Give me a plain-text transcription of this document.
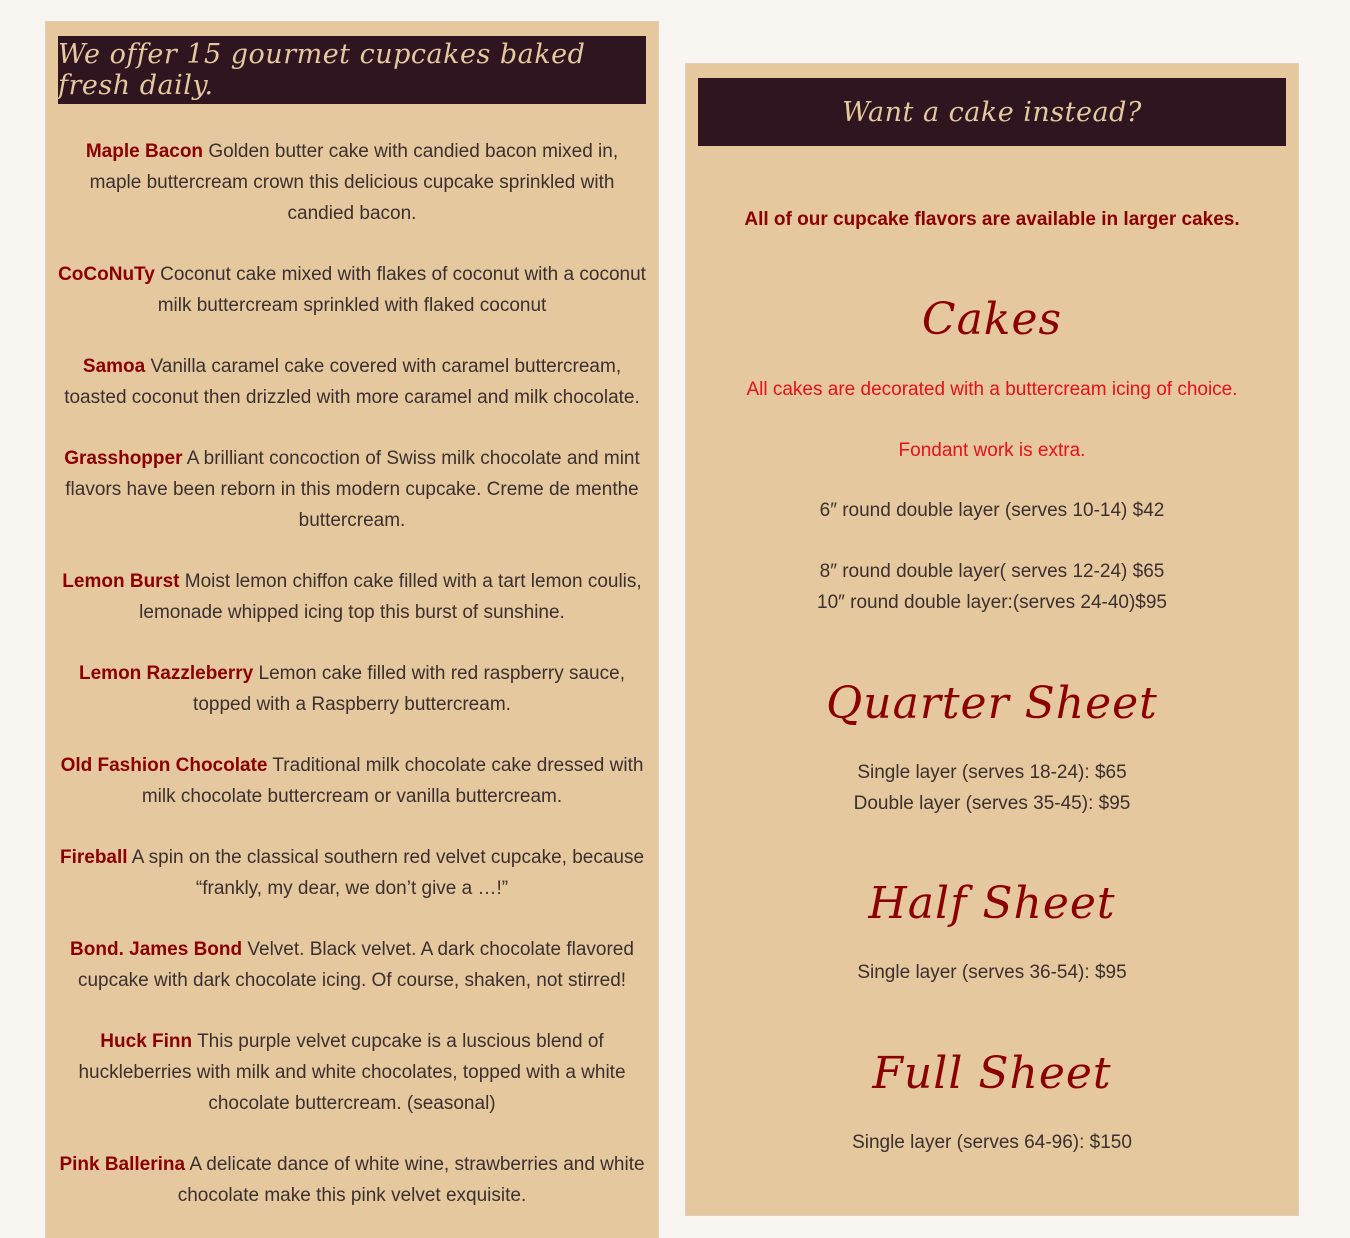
We offer 15 gourmet cupcakes baked fresh daily.

Maple Bacon Golden butter cake with candied bacon mixed in, maple buttercream crown this delicious cupcake sprinkled with candied bacon.

CoCoNuTy Coconut cake mixed with flakes of coconut with a coconut milk buttercream sprinkled with flaked coconut

Samoa Vanilla caramel cake covered with caramel buttercream, toasted coconut then drizzled with more caramel and milk chocolate.

Grasshopper A brilliant concoction of Swiss milk chocolate and mint flavors have been reborn in this modern cupcake. Creme de menthe buttercream.

Lemon Burst Moist lemon chiffon cake filled with a tart lemon coulis, lemonade whipped icing top this burst of sunshine.

Lemon Razzleberry Lemon cake filled with red raspberry sauce, topped with a Raspberry buttercream.

Old Fashion Chocolate Traditional milk chocolate cake dressed with milk chocolate buttercream or vanilla buttercream.

Fireball A spin on the classical southern red velvet cupcake, because “frankly, my dear, we don’t give a …!”

Bond. James Bond Velvet. Black velvet. A dark chocolate flavored cupcake with dark chocolate icing. Of course, shaken, not stirred!

Huck Finn This purple velvet cupcake is a luscious blend of huckleberries with milk and white chocolates, topped with a white chocolate buttercream. (seasonal)

Pink Ballerina A delicate dance of white wine, strawberries and white chocolate make this pink velvet exquisite.

Want a cake instead?
All of our cupcake flavors are available in larger cakes.
Cakes
All cakes are decorated with a buttercream icing of choice.
Fondant work is extra.
6″ round double layer (serves 10-14) $42
8″ round double layer( serves 12-24) $65
10″ round double layer:(serves 24-40)$95
Quarter Sheet
Single layer (serves 18-24): $65
Double layer (serves 35-45): $95
Half Sheet
Single layer (serves 36-54): $95
Full Sheet
Single layer (serves 64-96): $150
